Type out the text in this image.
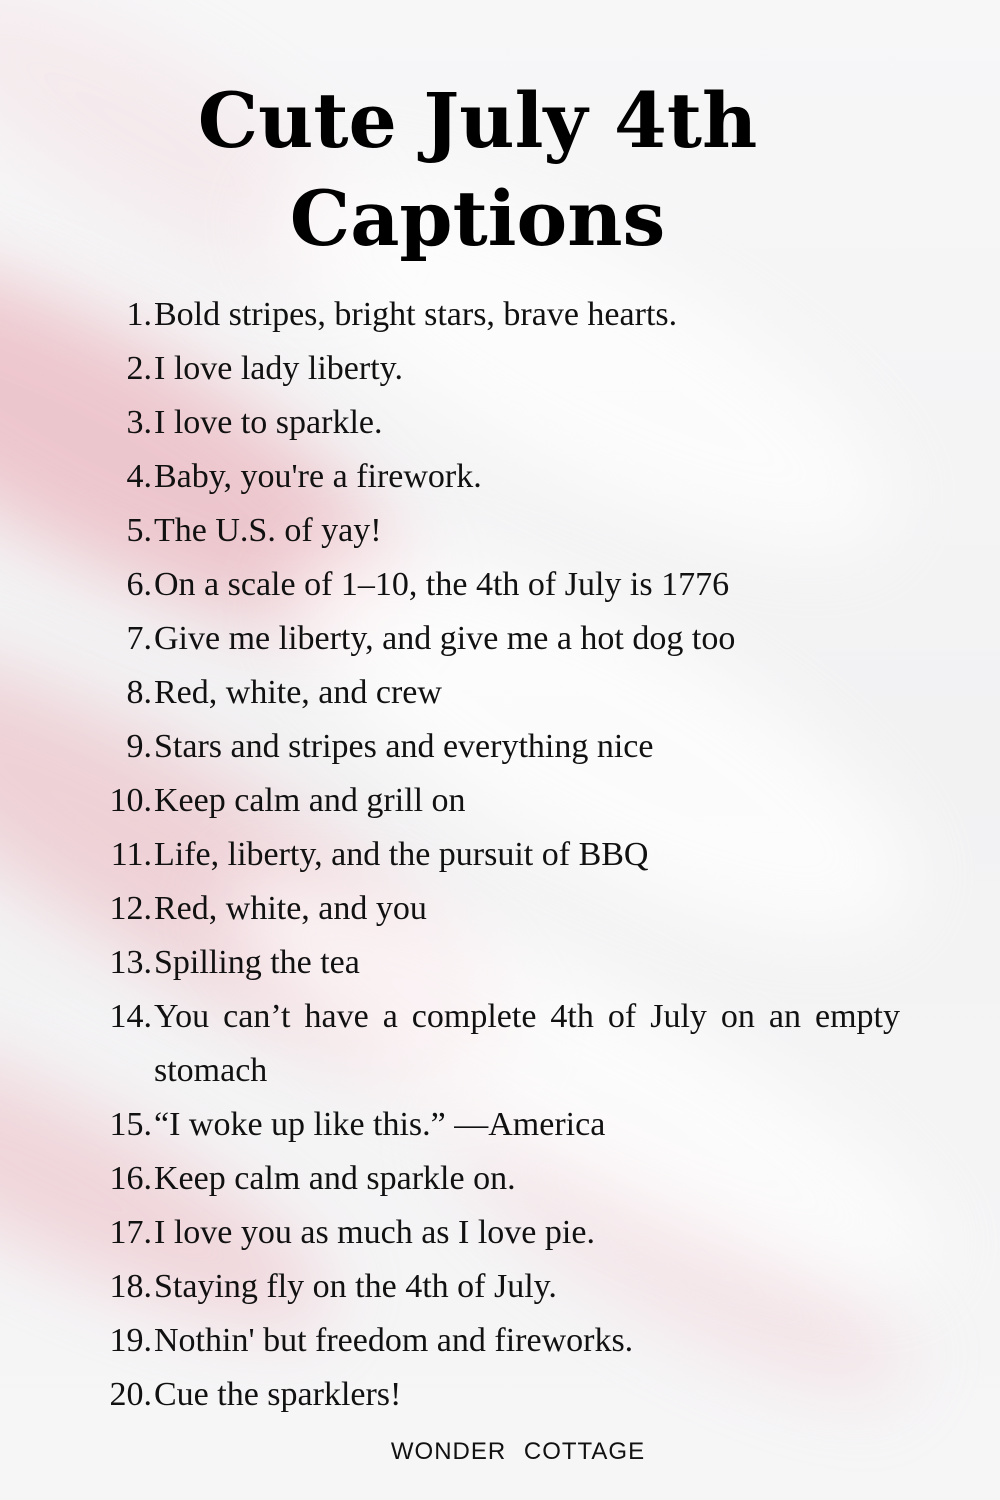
Cute July 4th
Captions
1. Bold stripes, bright stars, brave hearts.
2. I love lady liberty.
3. I love to sparkle.
4. Baby, you're a firework.
5. The U.S. of yay!
6. On a scale of 1–10, the 4th of July is 1776
7. Give me liberty, and give me a hot dog too
8. Red, white, and crew
9. Stars and stripes and everything nice
10. Keep calm and grill on
11. Life, liberty, and the pursuit of BBQ
12. Red, white, and you
13. Spilling the tea
14. You can’t have a complete 4th of July on an empty stomach
15. “I woke up like this.” —America
16. Keep calm and sparkle on.
17. I love you as much as I love pie.
18. Staying fly on the 4th of July.
19. Nothin' but freedom and fireworks.
20. Cue the sparklers!
WONDER COTTAGE
